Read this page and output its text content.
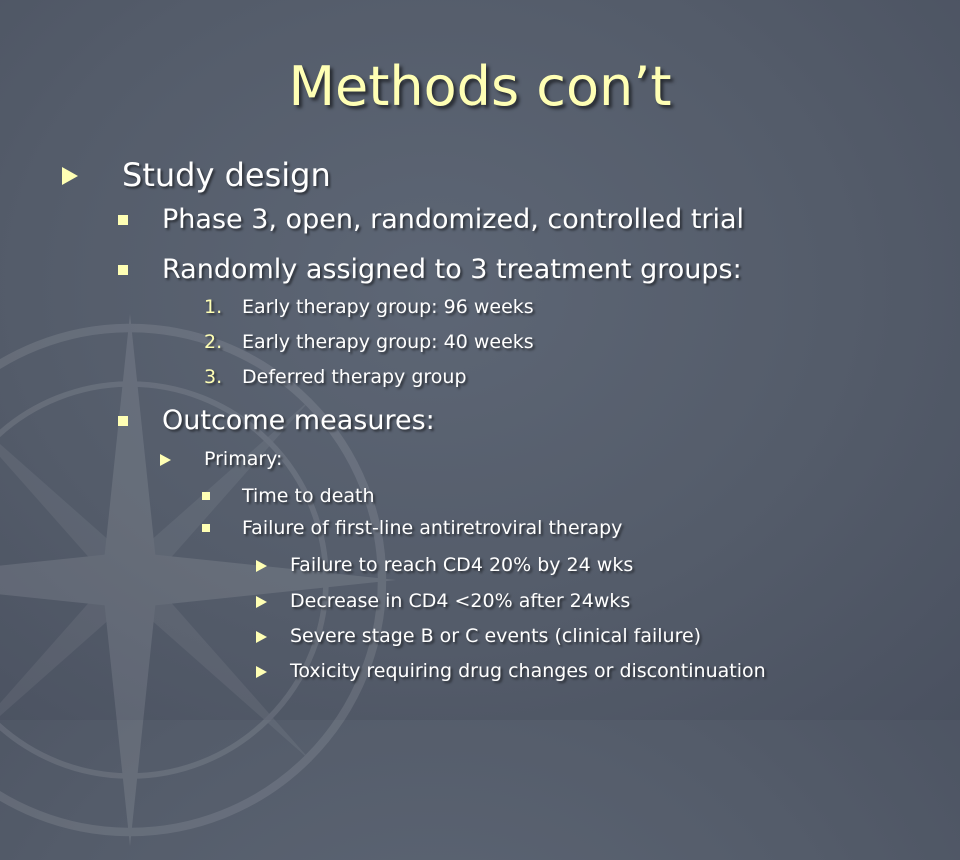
Methods con’t
Study design
Phase 3, open, randomized, controlled trial
Randomly assigned to 3 treatment groups:
1. Early therapy group: 96 weeks
2. Early therapy group: 40 weeks
3. Deferred therapy group
Outcome measures:
Primary:
Time to death
Failure of first-line antiretroviral therapy
Failure to reach CD4 20% by 24 wks
Decrease in CD4 <20% after 24wks
Severe stage B or C events (clinical failure)
Toxicity requiring drug changes or discontinuation
